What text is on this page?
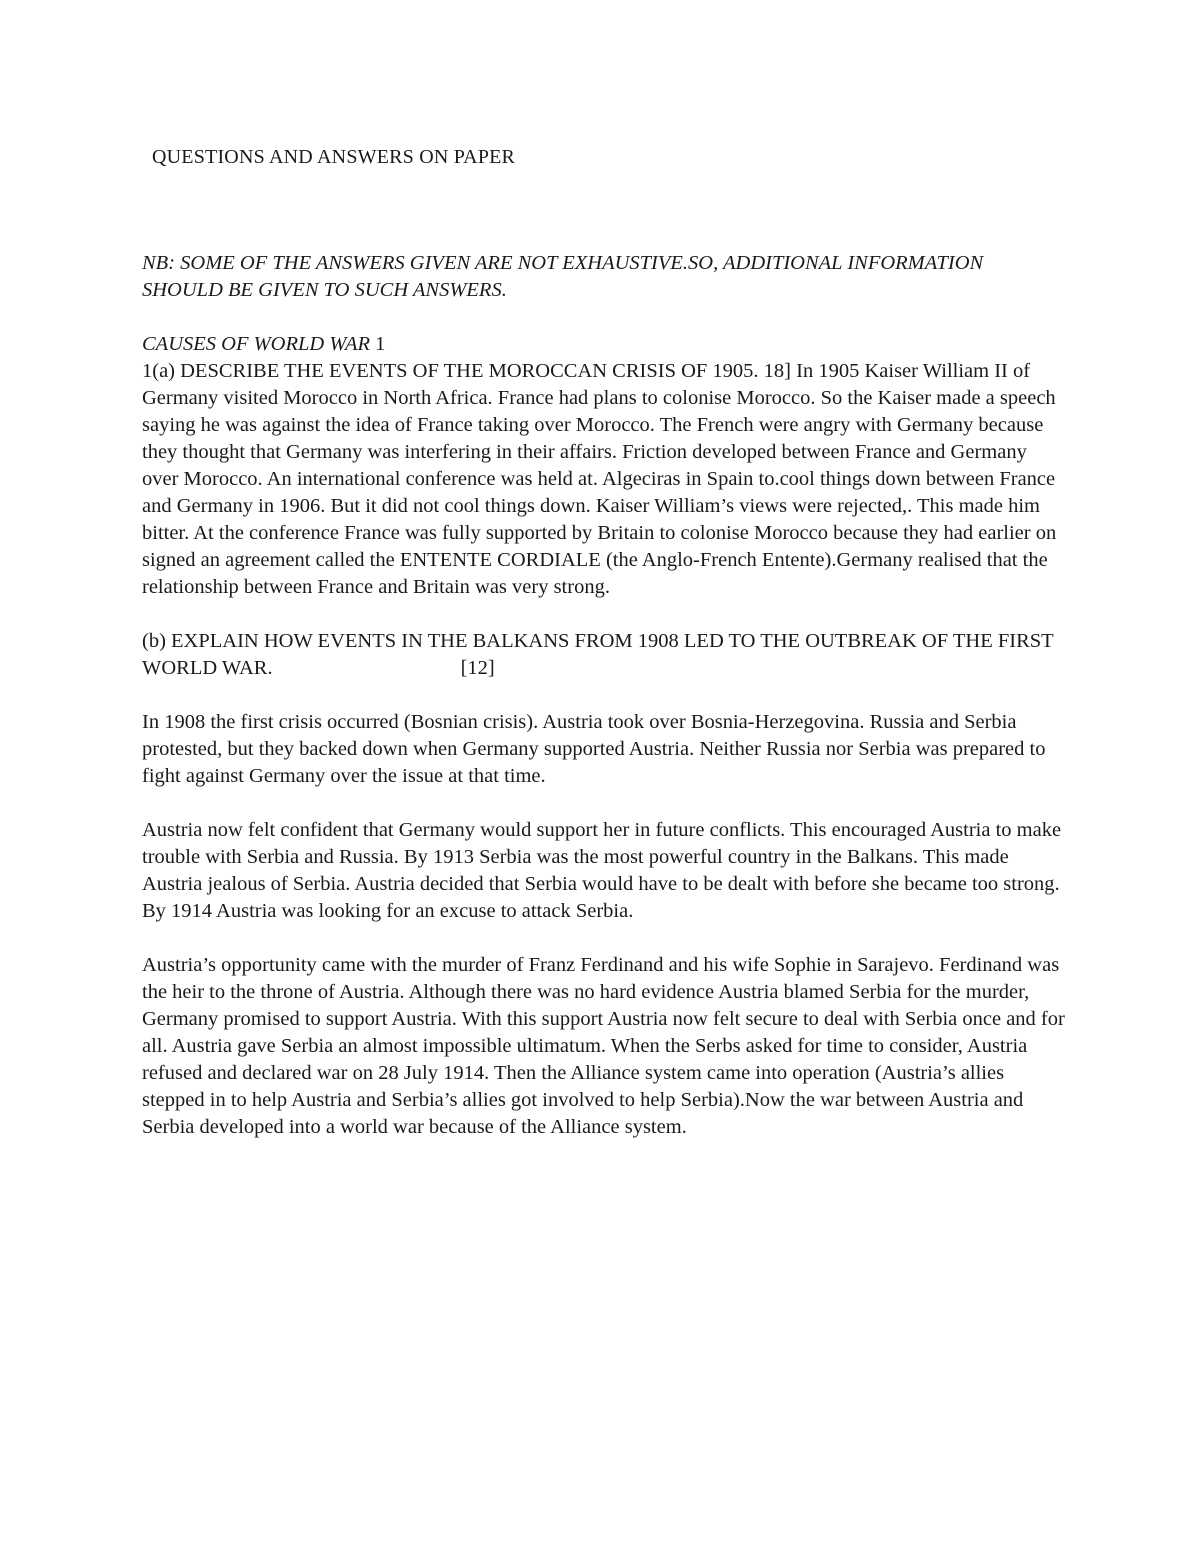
QUESTIONS AND ANSWERS ON PAPER

NB: SOME OF THE ANSWERS GIVEN ARE NOT EXHAUSTIVE.SO, ADDITIONAL INFORMATION SHOULD BE GIVEN TO SUCH ANSWERS.

CAUSES OF WORLD WAR 1

1(a) DESCRIBE THE EVENTS OF THE MOROCCAN CRISIS OF 1905. 18] In 1905 Kaiser William II of Germany visited Morocco in North Africa. France had plans to colonise Morocco. So the Kaiser made a speech saying he was against the idea of France taking over Morocco. The French were angry with Germany because they thought that Germany was interfering in their affairs. Friction developed between France and Germany over Morocco. An international conference was held at. Algeciras in Spain to.cool things down between France and Germany in 1906. But it did not cool things down. Kaiser William’s views were rejected,. This made him bitter. At the conference France was fully supported by Britain to colonise Morocco because they had earlier on signed an agreement called the ENTENTE CORDIALE (the Anglo-French Entente).Germany realised that the relationship between France and Britain was very strong.

(b) EXPLAIN HOW EVENTS IN THE BALKANS FROM 1908 LED TO THE OUTBREAK OF THE FIRST WORLD WAR.	[12]

In 1908 the first crisis occurred (Bosnian crisis). Austria took over Bosnia-Herzegovina. Russia and Serbia protested, but they backed down when Germany supported Austria. Neither Russia nor Serbia was prepared to fight against Germany over the issue at that time.

Austria now felt confident that Germany would support her in future conflicts. This encouraged Austria to make trouble with Serbia and Russia. By 1913 Serbia was the most powerful country in the Balkans. This made Austria jealous of Serbia. Austria decided that Serbia would have to be dealt with before she became too strong. By 1914 Austria was looking for an excuse to attack Serbia.

Austria’s opportunity came with the murder of Franz Ferdinand and his wife Sophie in Sarajevo. Ferdinand was the heir to the throne of Austria. Although there was no hard evidence Austria blamed Serbia for the murder, Germany promised to support Austria. With this support Austria now felt secure to deal with Serbia once and for all. Austria gave Serbia an almost impossible ultimatum. When the Serbs asked for time to consider, Austria refused and declared war on 28 July 1914. Then the Alliance system came into operation (Austria’s allies stepped in to help Austria and Serbia’s allies got involved to help Serbia).Now the war between Austria and Serbia developed into a world war because of the Alliance system.
